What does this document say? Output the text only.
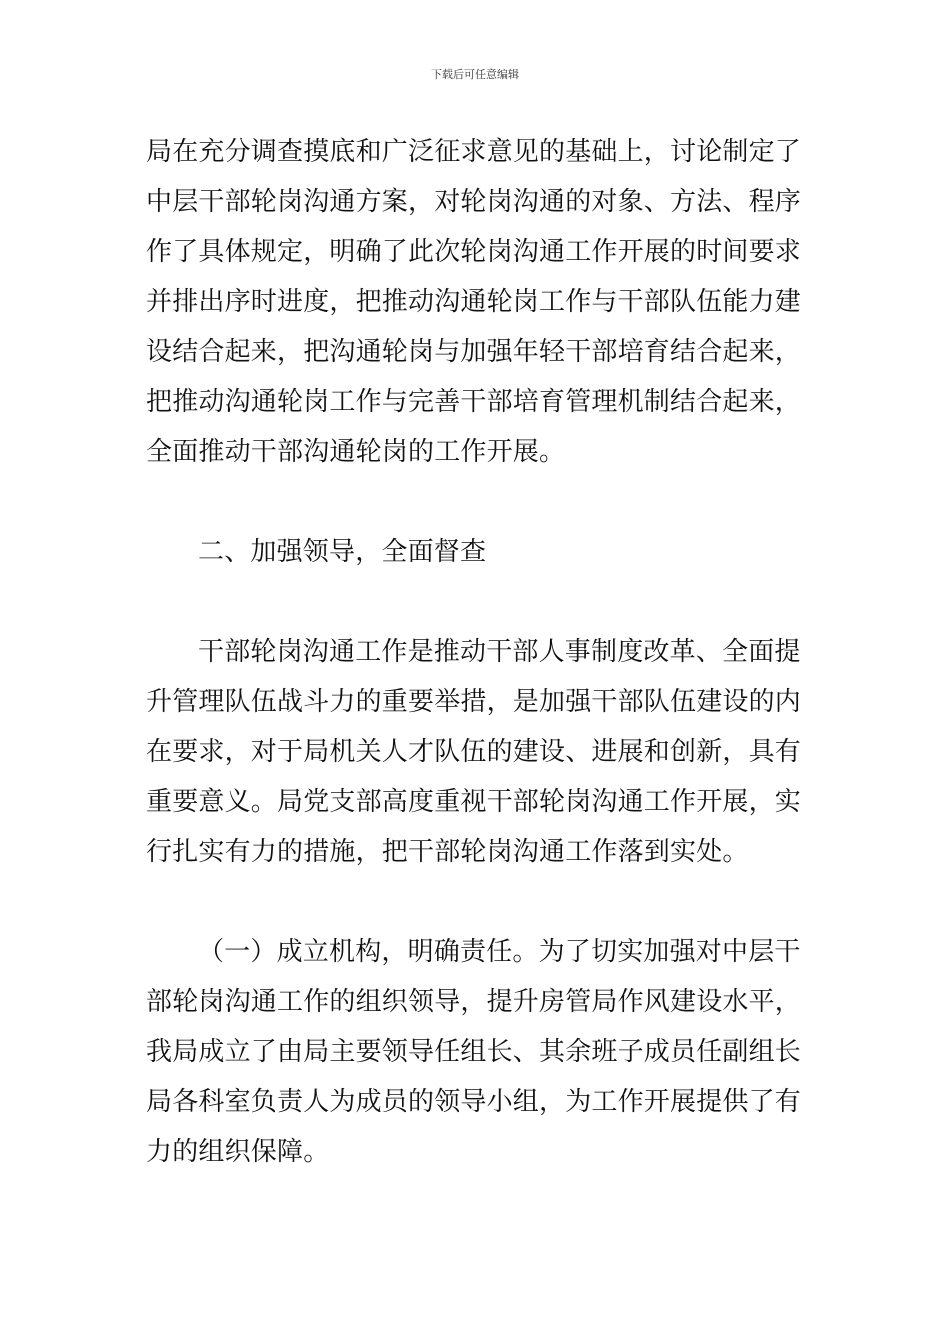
下载后可任意编辑
局在充分调查摸底和广泛征求意见的基础上，讨论制定了
中层干部轮岗沟通方案，对轮岗沟通的对象、方法、程序
作了具体规定，明确了此次轮岗沟通工作开展的时间要求
并排出序时进度，把推动沟通轮岗工作与干部队伍能力建
设结合起来，把沟通轮岗与加强年轻干部培育结合起来，
把推动沟通轮岗工作与完善干部培育管理机制结合起来，
全面推动干部沟通轮岗的工作开展。
二、加强领导，全面督查
干部轮岗沟通工作是推动干部人事制度改革、全面提
升管理队伍战斗力的重要举措，是加强干部队伍建设的内
在要求，对于局机关人才队伍的建设、进展和创新，具有
重要意义。局党支部高度重视干部轮岗沟通工作开展，实
行扎实有力的措施，把干部轮岗沟通工作落到实处。
（一）成立机构，明确责任。为了切实加强对中层干
部轮岗沟通工作的组织领导，提升房管局作风建设水平，
我局成立了由局主要领导任组长、其余班子成员任副组长
局各科室负责人为成员的领导小组，为工作开展提供了有
力的组织保障。
